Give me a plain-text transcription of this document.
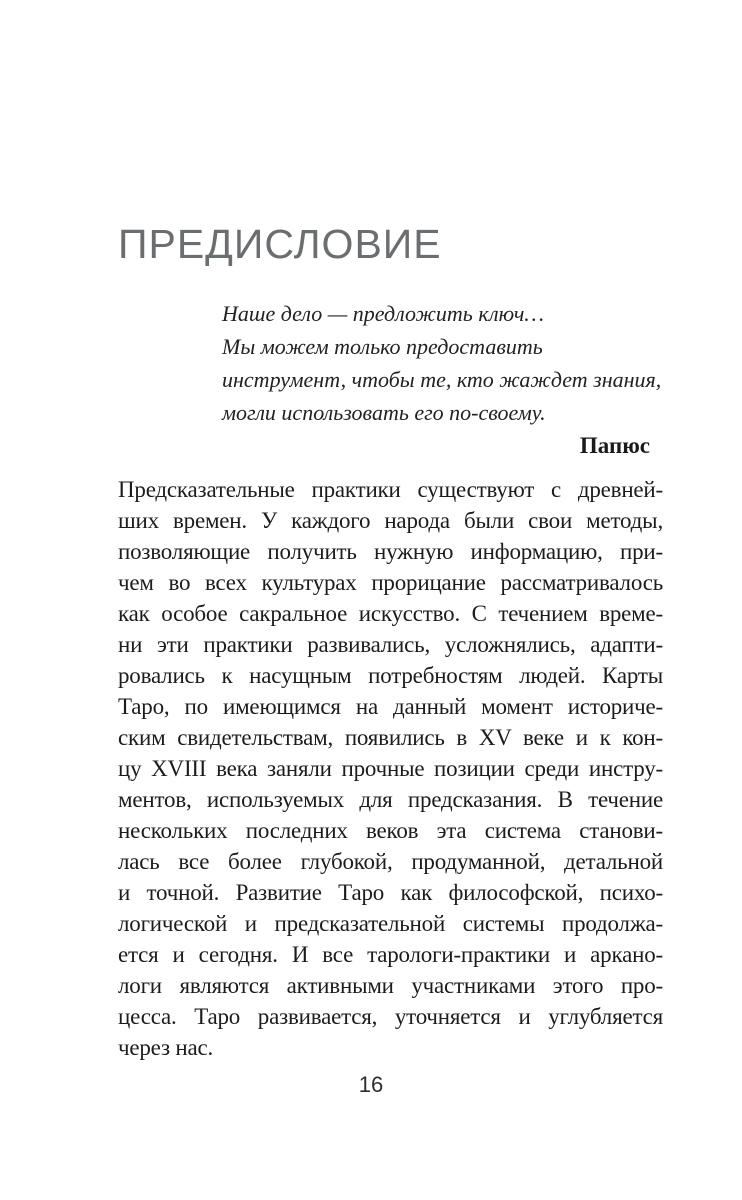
ПРЕДИСЛОВИЕ
Наше дело — предложить ключ…
Мы можем только предоставить
инструмент, чтобы те, кто жаждет знания,
могли использовать его по-своему.
Папюс
Предсказательные практики существуют с древней-
ших времен. У каждого народа были свои методы,
позволяющие получить нужную информацию, при-
чем во всех культурах прорицание рассматривалось
как особое сакральное искусство. С течением време-
ни эти практики развивались, усложнялись, адапти-
ровались к насущным потребностям людей. Карты
Таро, по имеющимся на данный момент историче-
ским свидетельствам, появились в XV веке и к кон-
цу XVIII века заняли прочные позиции среди инстру-
ментов, используемых для предсказания. В течение
нескольких последних веков эта система станови-
лась все более глубокой, продуманной, детальной
и точной. Развитие Таро как философской, психо-
логической и предсказательной системы продолжа-
ется и сегодня. И все тарологи-практики и аркано-
логи являются активными участниками этого про-
цесса. Таро развивается, уточняется и углубляется
через нас.
16
